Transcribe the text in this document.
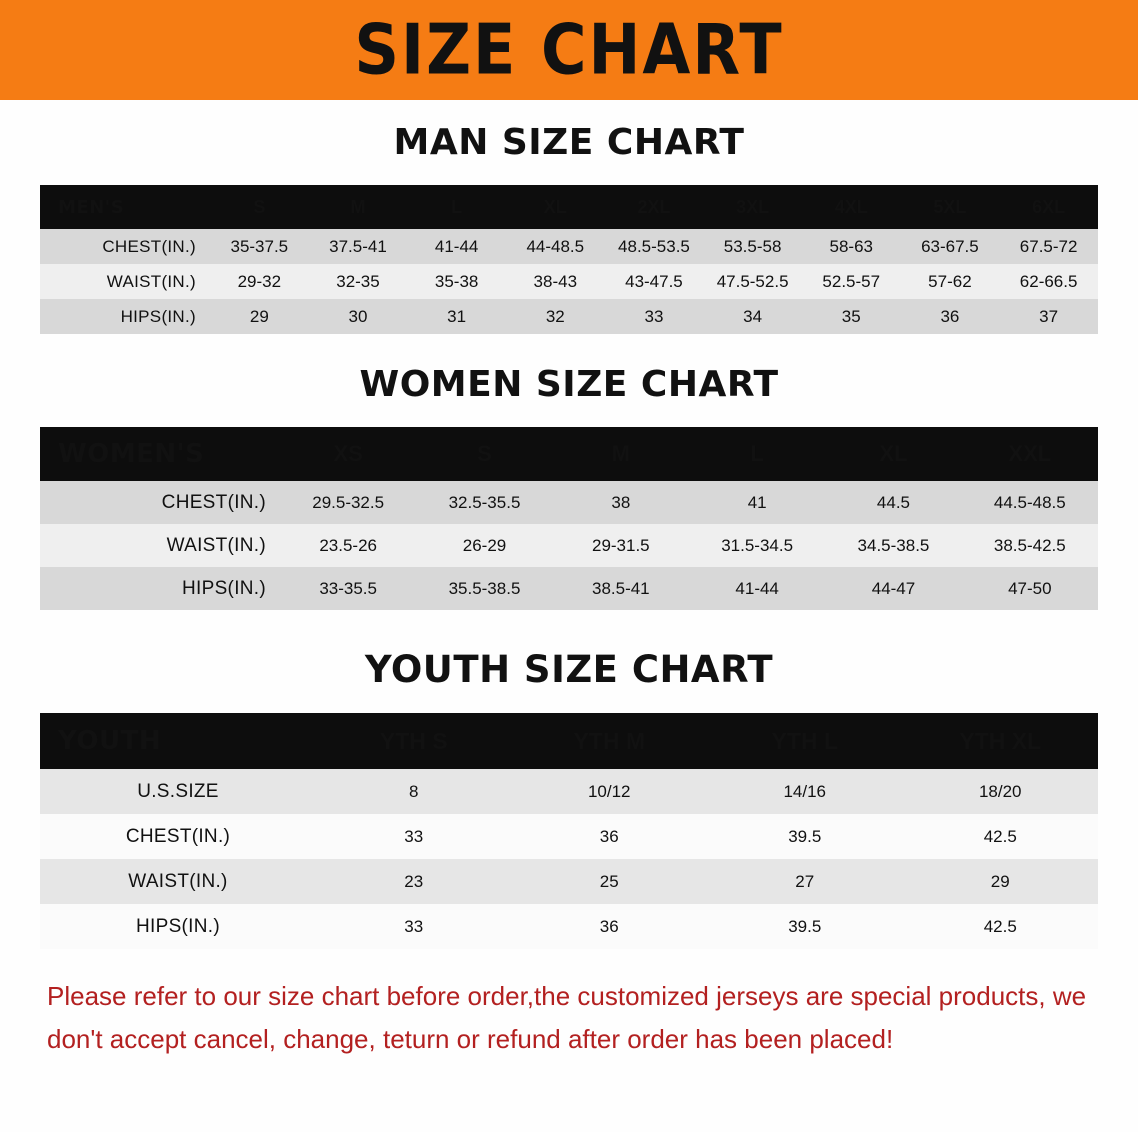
SIZE CHART
MAN SIZE CHART
MEN'S	S	M	L	XL	2XL	3XL	4XL	5XL	6XL
CHEST(IN.)	35-37.5	37.5-41	41-44	44-48.5	48.5-53.5	53.5-58	58-63	63-67.5	67.5-72
WAIST(IN.)	29-32	32-35	35-38	38-43	43-47.5	47.5-52.5	52.5-57	57-62	62-66.5
HIPS(IN.)	29	30	31	32	33	34	35	36	37
WOMEN SIZE CHART
WOMEN'S	XS	S	M	L	XL	XXL
CHEST(IN.)	29.5-32.5	32.5-35.5	38	41	44.5	44.5-48.5
WAIST(IN.)	23.5-26	26-29	29-31.5	31.5-34.5	34.5-38.5	38.5-42.5
HIPS(IN.)	33-35.5	35.5-38.5	38.5-41	41-44	44-47	47-50
YOUTH SIZE CHART
YOUTH	YTH S	YTH M	YTH L	YTH XL
U.S.SIZE	8	10/12	14/16	18/20
CHEST(IN.)	33	36	39.5	42.5
WAIST(IN.)	23	25	27	29
HIPS(IN.)	33	36	39.5	42.5
Please refer to our size chart before order,the customized jerseys are special products, we don't accept cancel, change, teturn or refund after order has been placed!
